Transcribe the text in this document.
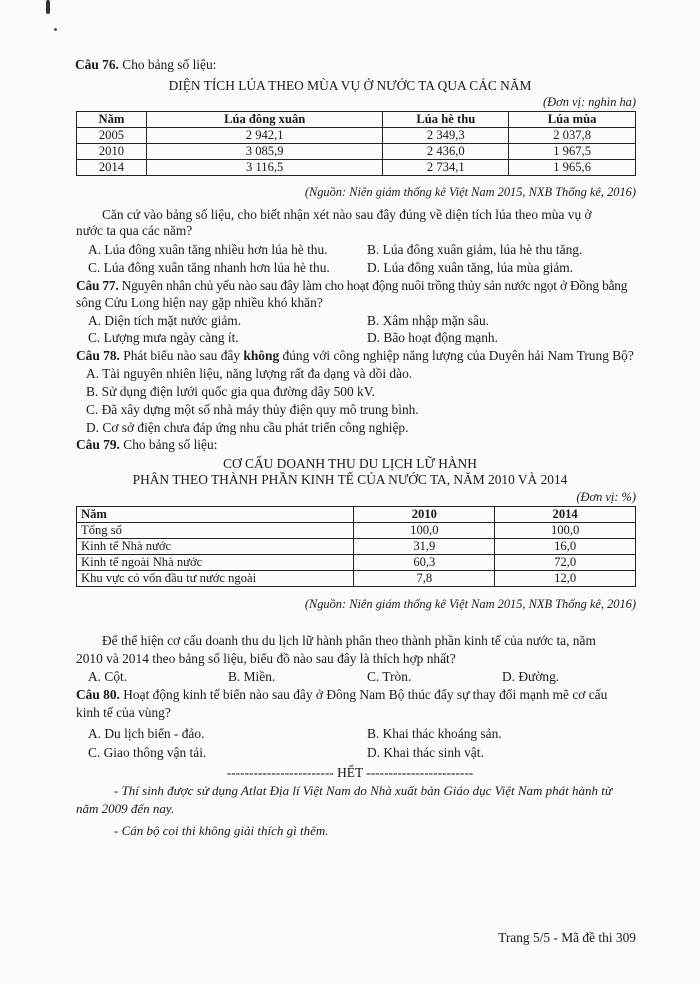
Câu 76. Cho bảng số liệu:
DIỆN TÍCH LÚA THEO MÙA VỤ Ở NƯỚC TA QUA CÁC NĂM
(Đơn vị: nghìn ha)
Năm	Lúa đông xuân	Lúa hè thu	Lúa mùa
2005	2 942,1	2 349,3	2 037,8
2010	3 085,9	2 436,0	1 967,5
2014	3 116,5	2 734,1	1 965,6
(Nguồn: Niên giám thống kê Việt Nam 2015, NXB Thống kê, 2016)
Căn cứ vào bảng số liệu, cho biết nhận xét nào sau đây đúng về diện tích lúa theo mùa vụ ở
nước ta qua các năm?
A. Lúa đông xuân tăng nhiều hơn lúa hè thu.	B. Lúa đông xuân giảm, lúa hè thu tăng.
C. Lúa đông xuân tăng nhanh hơn lúa hè thu.	D. Lúa đông xuân tăng, lúa mùa giảm.
Câu 77. Nguyên nhân chủ yếu nào sau đây làm cho hoạt động nuôi trồng thủy sản nước ngọt ở Đồng bằng
sông Cửu Long hiện nay gặp nhiều khó khăn?
A. Diện tích mặt nước giảm.	B. Xâm nhập mặn sâu.
C. Lượng mưa ngày càng ít.	D. Bão hoạt động mạnh.
Câu 78. Phát biểu nào sau đây không đúng với công nghiệp năng lượng của Duyên hải Nam Trung Bộ?
A. Tài nguyên nhiên liệu, năng lượng rất đa dạng và dồi dào.
B. Sử dụng điện lưới quốc gia qua đường dây 500 kV.
C. Đã xây dựng một số nhà máy thủy điện quy mô trung bình.
D. Cơ sở điện chưa đáp ứng nhu cầu phát triển công nghiệp.
Câu 79. Cho bảng số liệu:
CƠ CẤU DOANH THU DU LỊCH LỮ HÀNH
PHÂN THEO THÀNH PHẦN KINH TẾ CỦA NƯỚC TA, NĂM 2010 VÀ 2014
(Đơn vị: %)
Năm	2010	2014
Tổng số	100,0	100,0
Kinh tế Nhà nước	31,9	16,0
Kinh tế ngoài Nhà nước	60,3	72,0
Khu vực có vốn đầu tư nước ngoài	7,8	12,0
(Nguồn: Niên giám thống kê Việt Nam 2015, NXB Thống kê, 2016)
Để thể hiện cơ cấu doanh thu du lịch lữ hành phân theo thành phần kinh tế của nước ta, năm
2010 và 2014 theo bảng số liệu, biểu đồ nào sau đây là thích hợp nhất?
A. Cột.	B. Miền.	C. Tròn.	D. Đường.
Câu 80. Hoạt động kinh tế biển nào sau đây ở Đông Nam Bộ thúc đẩy sự thay đổi mạnh mẽ cơ cấu
kinh tế của vùng?
A. Du lịch biển - đảo.	B. Khai thác khoáng sản.
C. Giao thông vận tải.	D. Khai thác sinh vật.
------------------------ HẾT ------------------------
- Thí sinh được sử dụng Atlat Địa lí Việt Nam do Nhà xuất bản Giáo dục Việt Nam phát hành từ
năm 2009 đến nay.
- Cán bộ coi thi không giải thích gì thêm.
Trang 5/5 - Mã đề thi 309
